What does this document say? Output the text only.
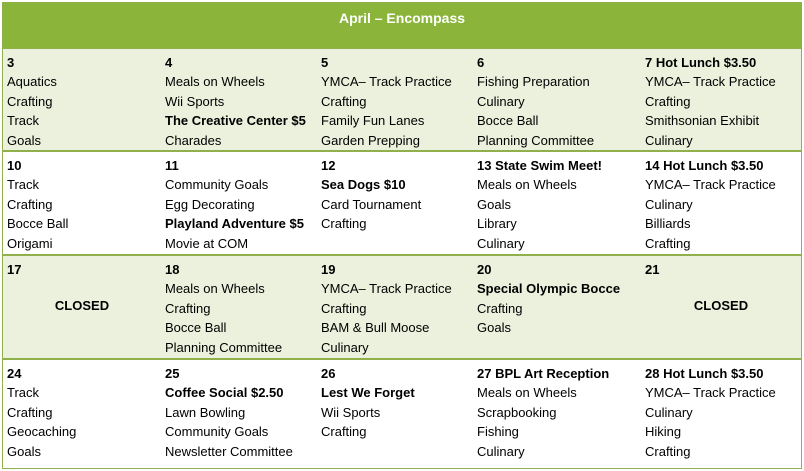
April – Encompass
3
Aquatics
Crafting
Track
Goals
4
Meals on Wheels
Wii Sports
The Creative Center $5
Charades
5
YMCA– Track Practice
Crafting
Family Fun Lanes
Garden Prepping
6
Fishing Preparation
Culinary
Bocce Ball
Planning Committee
7 Hot Lunch $3.50
YMCA– Track Practice
Crafting
Smithsonian Exhibit
Culinary
10
Track
Crafting
Bocce Ball
Origami
11
Community Goals
Egg Decorating
Playland Adventure $5
Movie at COM
12
Sea Dogs $10
Card Tournament
Crafting
13 State Swim Meet!
Meals on Wheels
Goals
Library
Culinary
14 Hot Lunch $3.50
YMCA– Track Practice
Culinary
Billiards
Crafting
17
CLOSED
18
Meals on Wheels
Crafting
Bocce Ball
Planning Committee
19
YMCA– Track Practice
Crafting
BAM & Bull Moose
Culinary
20
Special Olympic Bocce
Crafting
Goals
21
CLOSED
24
Track
Crafting
Geocaching
Goals
25
Coffee Social $2.50
Lawn Bowling
Community Goals
Newsletter Committee
26
Lest We Forget
Wii Sports
Crafting
27 BPL Art Reception
Meals on Wheels
Scrapbooking
Fishing
Culinary
28 Hot Lunch $3.50
YMCA– Track Practice
Culinary
Hiking
Crafting
